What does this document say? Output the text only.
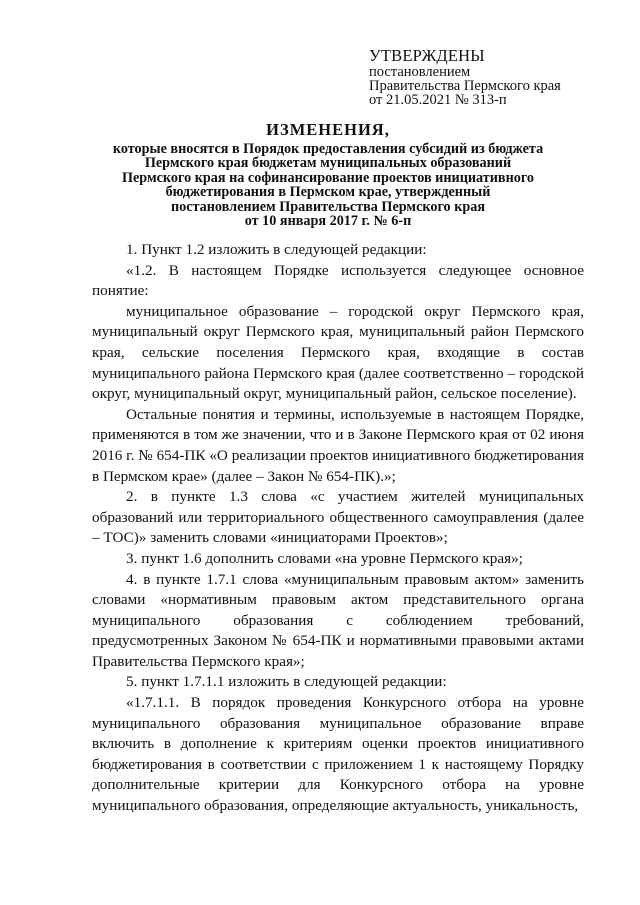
УТВЕРЖДЕНЫ
постановлением
Правительства Пермского края
от 21.05.2021 № 313-п
ИЗМЕНЕНИЯ,
которые вносятся в Порядок предоставления субсидий из бюджета
Пермского края бюджетам муниципальных образований
Пермского края на софинансирование проектов инициативного
бюджетирования в Пермском крае, утвержденный
постановлением Правительства Пермского края
от 10 января 2017 г. № 6-п

1. Пункт 1.2 изложить в следующей редакции:

«1.2. В настоящем Порядке используется следующее основное понятие:

муниципальное образование – городской округ Пермского края, муниципальный округ Пермского края, муниципальный район Пермского края, сельские поселения Пермского края, входящие в состав муниципального района Пермского края (далее соответственно – городской округ, муниципальный округ, муниципальный район, сельское поселение).

Остальные понятия и термины, используемые в настоящем Порядке, применяются в том же значении, что и в Законе Пермского края от 02 июня 2016 г. № 654-ПК «О реализации проектов инициативного бюджетирования в Пермском крае» (далее – Закон № 654-ПК).»;

2. в пункте 1.3 слова «с участием жителей муниципальных образований или территориального общественного самоуправления (далее – ТОС)» заменить словами «инициаторами Проектов»;

3. пункт 1.6 дополнить словами «на уровне Пермского края»;

4. в пункте 1.7.1 слова «муниципальным правовым актом» заменить словами «нормативным правовым актом представительного органа муниципального образования с соблюдением требований, предусмотренных Законом № 654-ПК и нормативными правовыми актами Правительства Пермского края»;

5. пункт 1.7.1.1 изложить в следующей редакции:

«1.7.1.1. В порядок проведения Конкурсного отбора на уровне муниципального образования муниципальное образование вправе включить в дополнение к критериям оценки проектов инициативного бюджетирования в соответствии с приложением 1 к настоящему Порядку дополнительные критерии для Конкурсного отбора на уровне муниципального образования, определяющие актуальность, уникальность,
